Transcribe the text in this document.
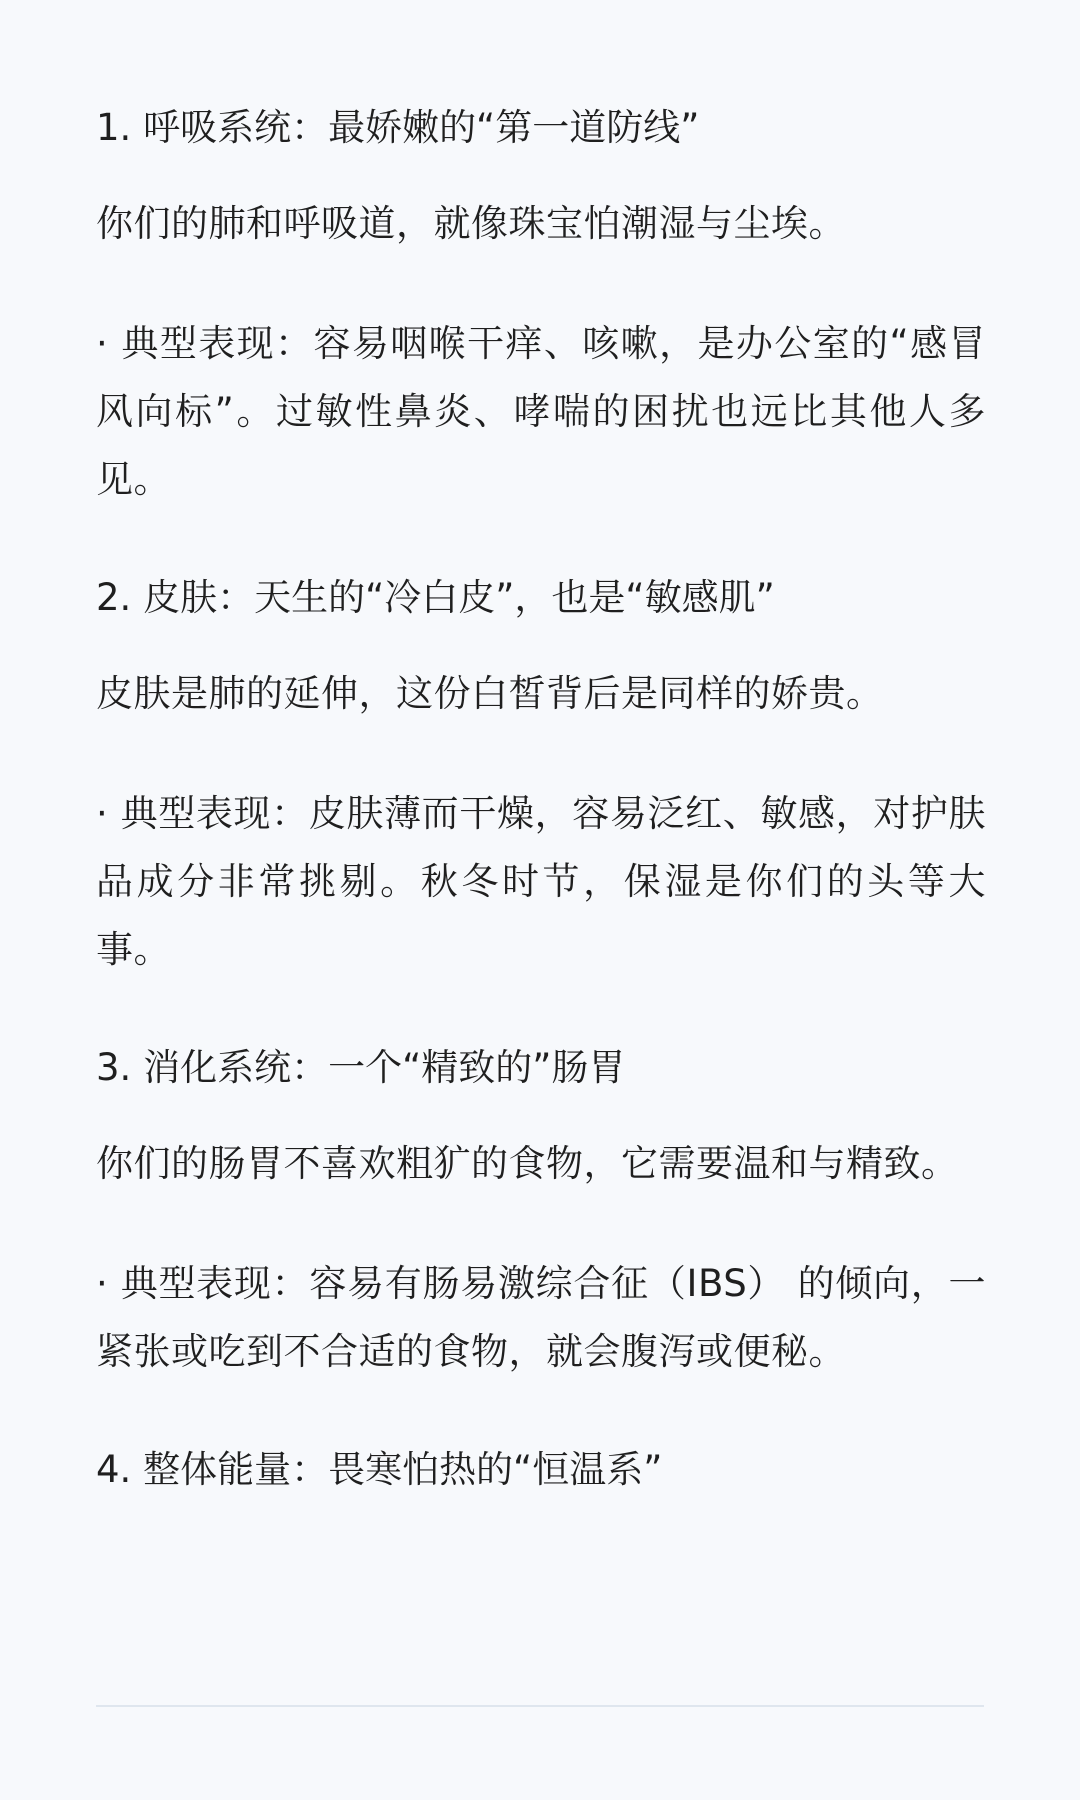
1. 呼吸系统：最娇嫩的“第一道防线”
你们的肺和呼吸道，就像珠宝怕潮湿与尘埃。
· 典型表现：容易咽喉干痒、咳嗽，是办公室的“感冒风向标”。过敏性鼻炎、哮喘的困扰也远比其他人多见。
2. 皮肤：天生的“冷白皮”，也是“敏感肌”
皮肤是肺的延伸，这份白皙背后是同样的娇贵。
· 典型表现：皮肤薄而干燥，容易泛红、敏感，对护肤品成分非常挑剔。秋冬时节，保湿是你们的头等大事。
3. 消化系统：一个“精致的”肠胃
你们的肠胃不喜欢粗犷的食物，它需要温和与精致。
· 典型表现：容易有肠易激综合征（IBS） 的倾向，一紧张或吃到不合适的食物，就会腹泻或便秘。
4. 整体能量：畏寒怕热的“恒温系”
